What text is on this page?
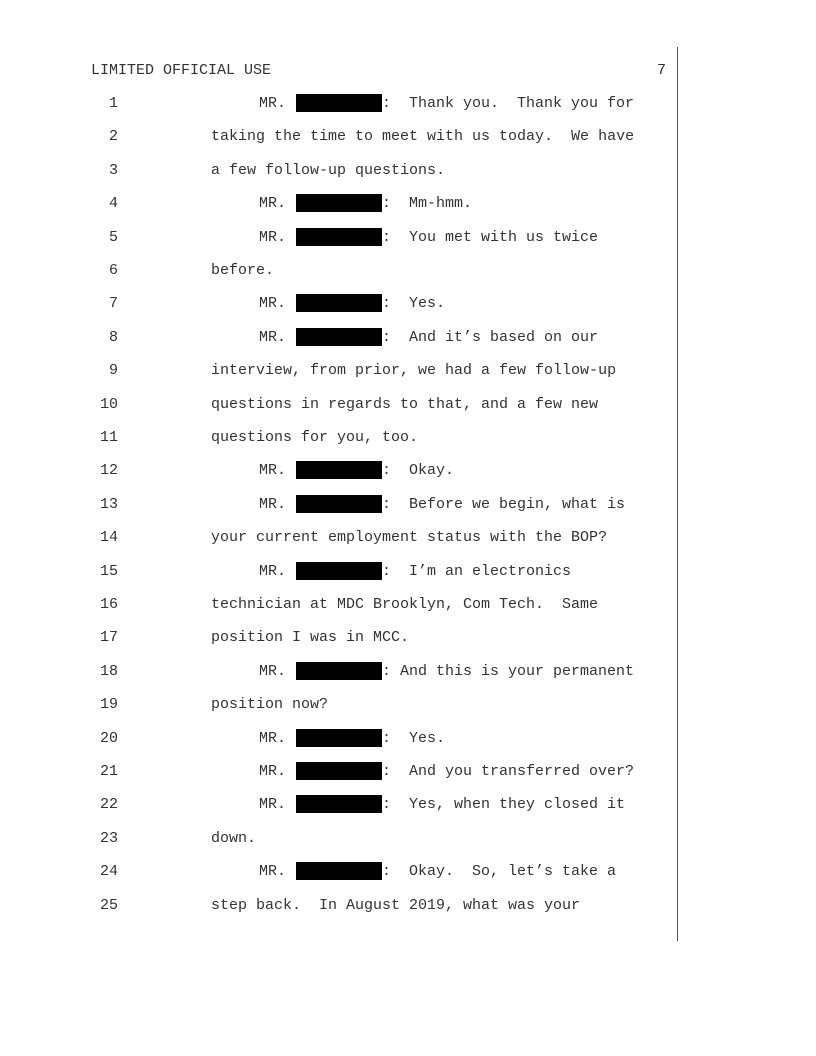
LIMITED OFFICIAL USE	7
1	MR.	:  Thank you.  Thank you for
2	taking the time to meet with us today.  We have
3	a few follow-up questions.
4	MR.	:  Mm-hmm.
5	MR.	:  You met with us twice
6	before.
7	MR.	:  Yes.
8	MR.	:  And it’s based on our
9	interview, from prior, we had a few follow-up
10	questions in regards to that, and a few new
11	questions for you, too.
12	MR.	:  Okay.
13	MR.	:  Before we begin, what is
14	your current employment status with the BOP?
15	MR.	:  I’m an electronics
16	technician at MDC Brooklyn, Com Tech.  Same
17	position I was in MCC.
18	MR.	: And this is your permanent
19	position now?
20	MR.	:  Yes.
21	MR.	:  And you transferred over?
22	MR.	:  Yes, when they closed it
23	down.
24	MR.	:  Okay.  So, let’s take a
25	step back.  In August 2019, what was your
